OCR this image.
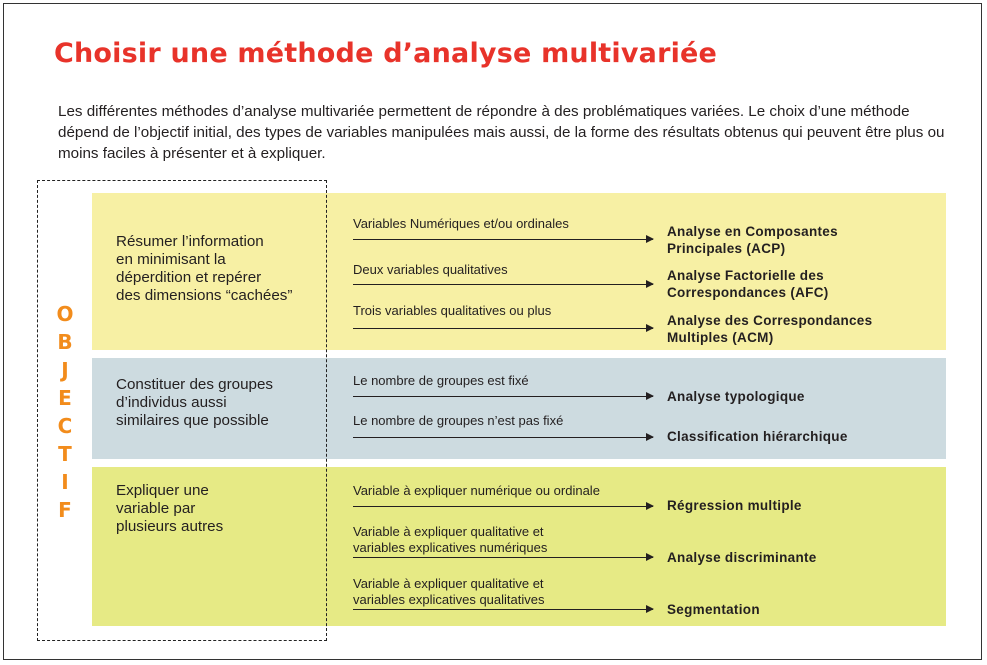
Choisir une méthode d’analyse multivariée
Les différentes méthodes d’analyse multivariée permettent de répondre à des problématiques variées. Le choix d’une méthode dépend de l’objectif initial, des types de variables manipulées mais aussi, de la forme des résultats obtenus qui peuvent être plus ou moins faciles à présenter et à expliquer.
O
B
J
E
C
T
I
F
Résumer l’information
en minimisant la
déperdition et repérer
des dimensions “cachées”
Variables Numériques et/ou ordinales
Analyse en Composantes
Principales (ACP)
Deux variables qualitatives	Analyse Factorielle des
Correspondances (AFC)
Trois variables qualitatives ou plus
Analyse des Correspondances
Multiples (ACM)
Constituer des groupes
d’individus aussi
similaires que possible
Le nombre de groupes est fixé
Analyse typologique
Le nombre de groupes n’est pas fixé
Classification hiérarchique
Expliquer une
variable par
plusieurs autres
Variable à expliquer numérique ou ordinale
Régression multiple
Variable à expliquer qualitative et
variables explicatives numériques
Analyse discriminante
Variable à expliquer qualitative et
variables explicatives qualitatives
Segmentation
